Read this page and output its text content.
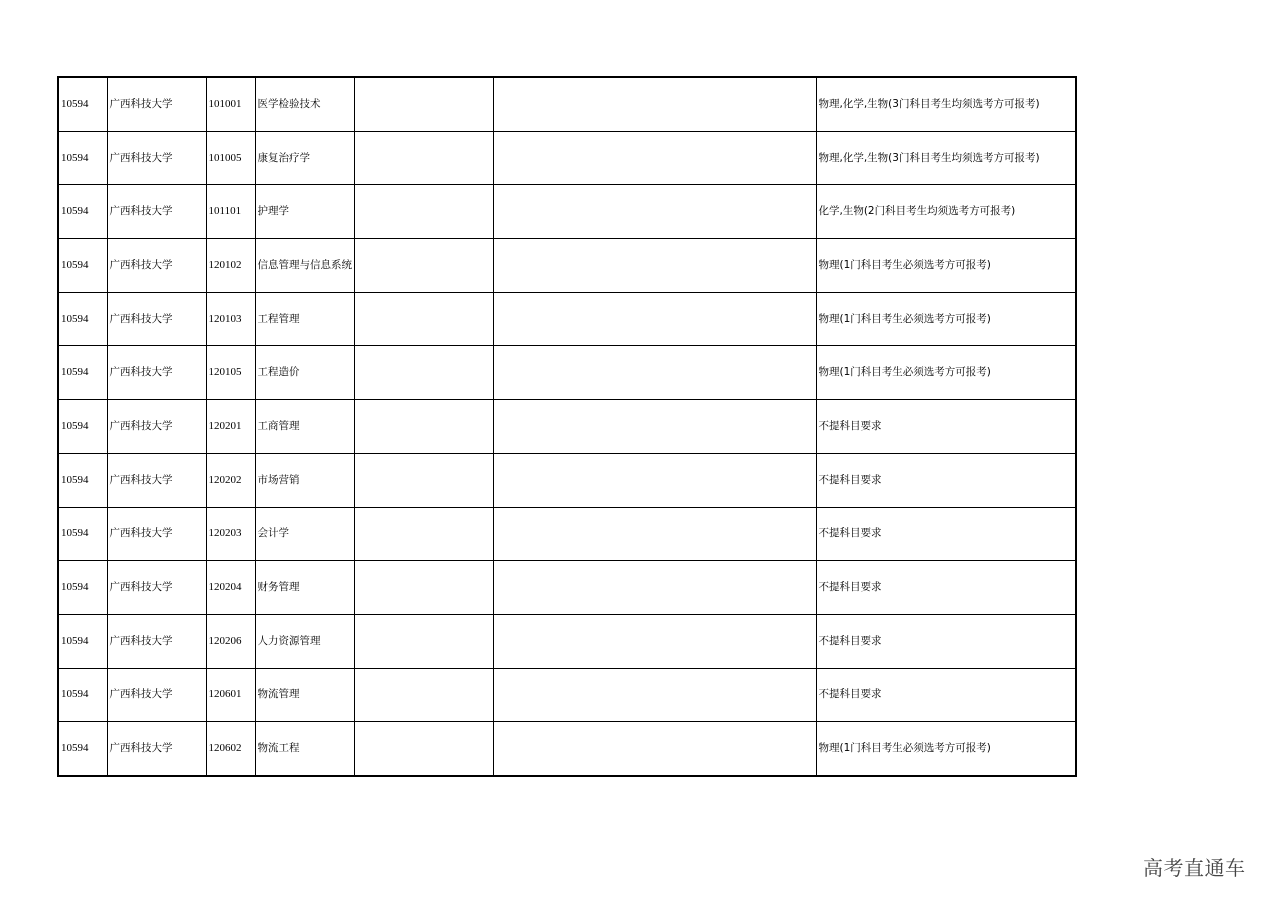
10594	广西科技大学	101001	医学检验技术			物理,化学,生物(3门科目考生均须选考方可报考)
10594	广西科技大学	101005	康复治疗学			物理,化学,生物(3门科目考生均须选考方可报考)
10594	广西科技大学	101101	护理学			化学,生物(2门科目考生均须选考方可报考)
10594	广西科技大学	120102	信息管理与信息系统			物理(1门科目考生必须选考方可报考)
10594	广西科技大学	120103	工程管理			物理(1门科目考生必须选考方可报考)
10594	广西科技大学	120105	工程造价			物理(1门科目考生必须选考方可报考)
10594	广西科技大学	120201	工商管理			不提科目要求
10594	广西科技大学	120202	市场营销			不提科目要求
10594	广西科技大学	120203	会计学			不提科目要求
10594	广西科技大学	120204	财务管理			不提科目要求
10594	广西科技大学	120206	人力资源管理			不提科目要求
10594	广西科技大学	120601	物流管理			不提科目要求
10594	广西科技大学	120602	物流工程			物理(1门科目考生必须选考方可报考)
高考直通车
